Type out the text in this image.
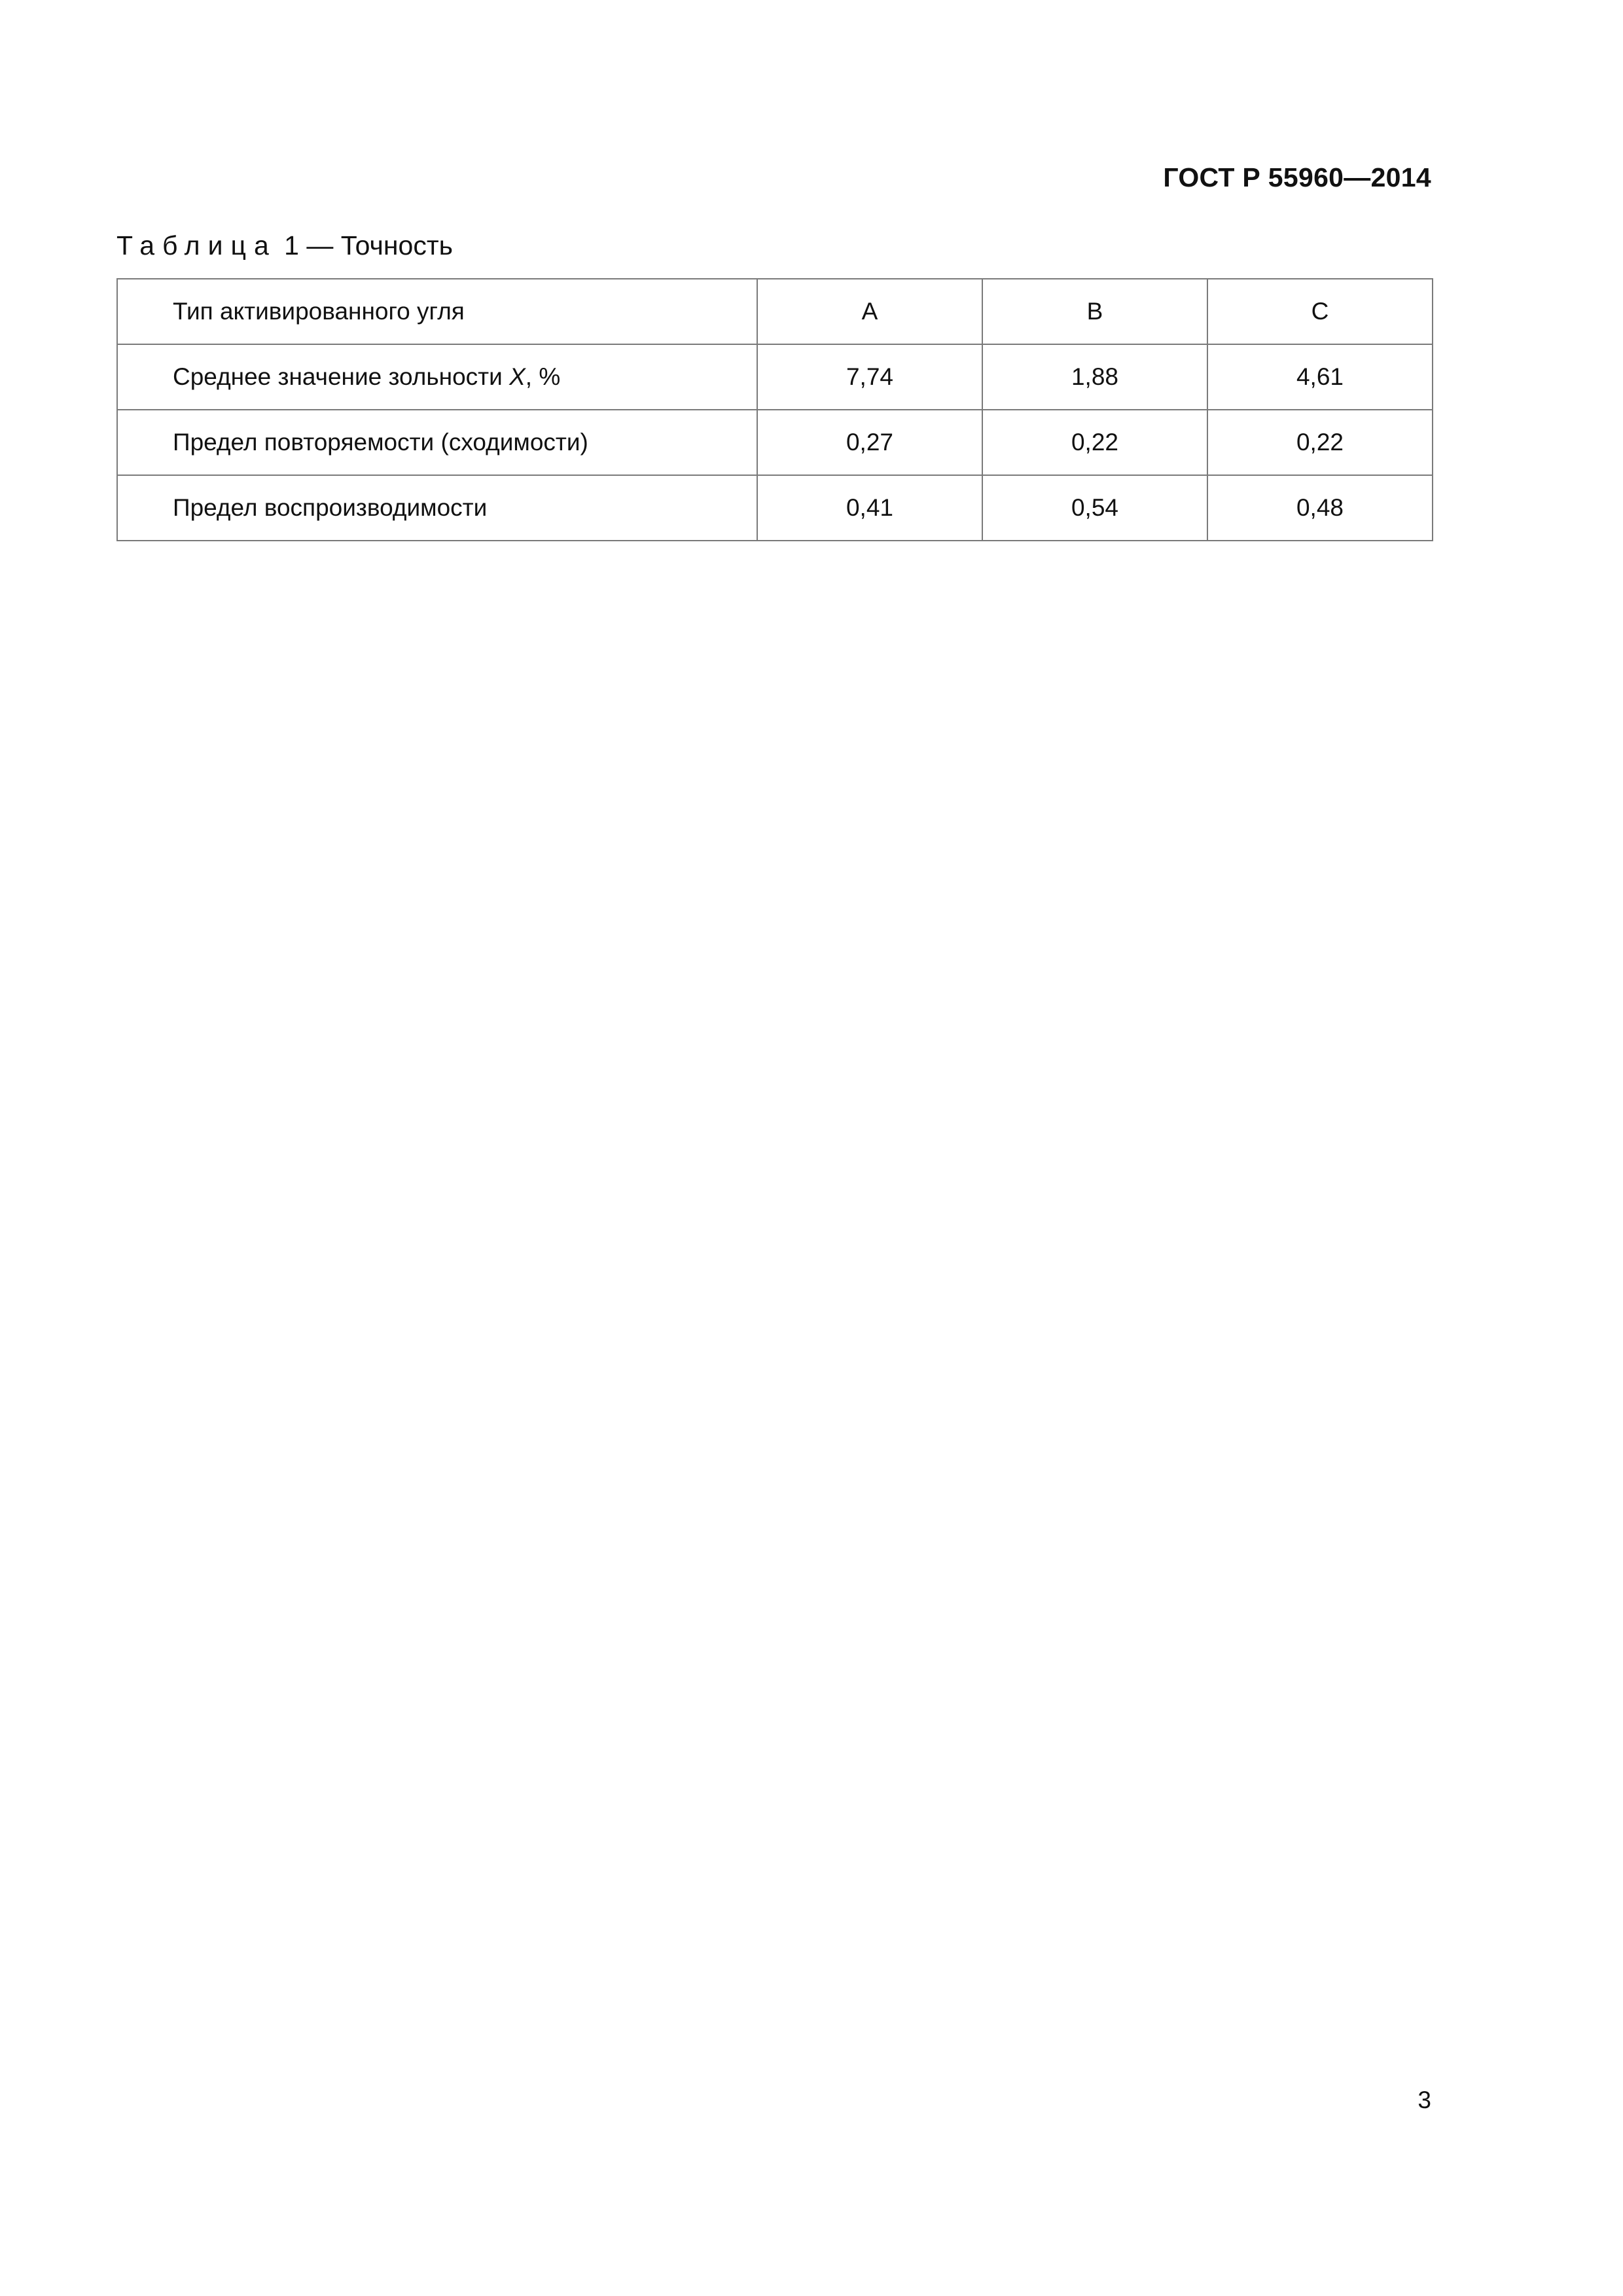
ГОСТ Р 55960—2014
Таблица 1 — Точность
Тип активированного угля	A	B	C
Среднее значение зольности X, %	7,74	1,88	4,61
Предел повторяемости (сходимости)	0,27	0,22	0,22
Предел воспроизводимости	0,41	0,54	0,48
3
